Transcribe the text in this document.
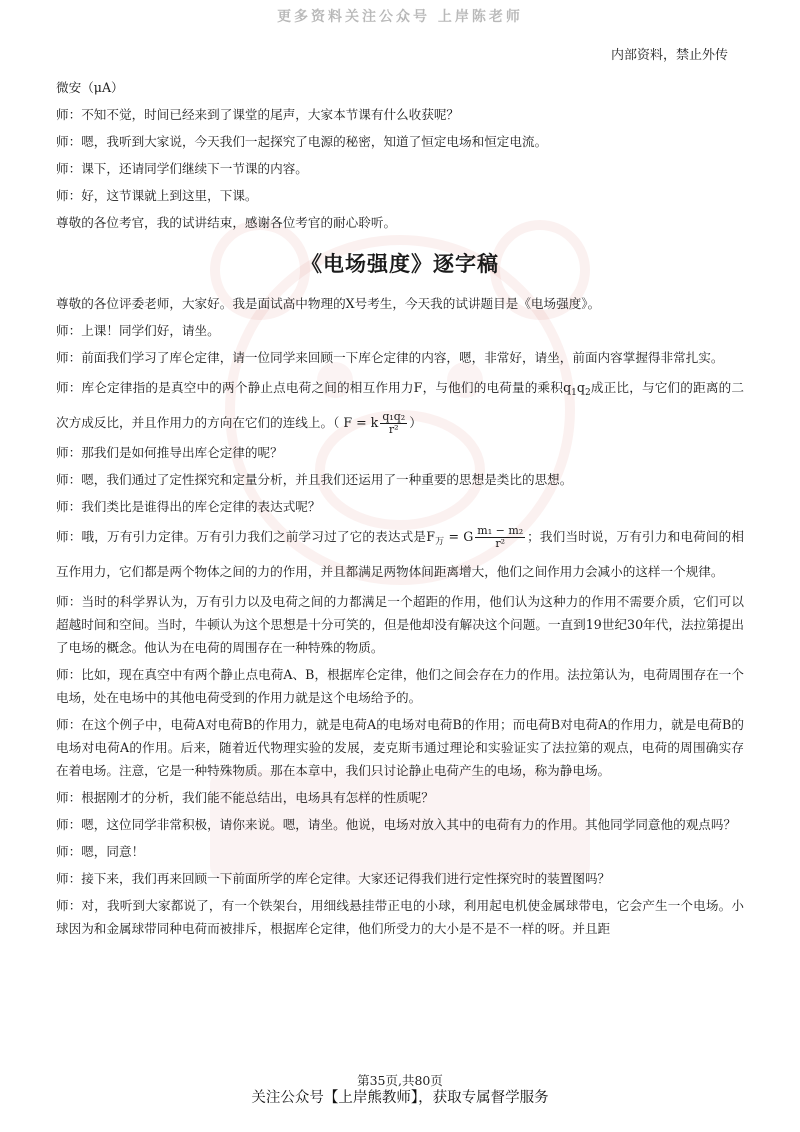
更多资料关注公众号 上岸陈老师
内部资料，禁止外传

微安（μA）

师：不知不觉，时间已经来到了课堂的尾声，大家本节课有什么收获呢？

师：嗯，我听到大家说，今天我们一起探究了电源的秘密，知道了恒定电场和恒定电流。

师：课下，还请同学们继续下一节课的内容。

师：好，这节课就上到这里，下课。

尊敬的各位考官，我的试讲结束，感谢各位考官的耐心聆听。

《电场强度》逐字稿

尊敬的各位评委老师，大家好。我是面试高中物理的X号考生，今天我的试讲题目是《电场强度》。

师：上课！同学们好，请坐。

师：前面我们学习了库仑定律，请一位同学来回顾一下库仑定律的内容，嗯，非常好，请坐，前面内容掌握得非常扎实。

师：库仑定律指的是真空中的两个静止点电荷之间的相互作用力F，与他们的电荷量的乘积$q_1q_2$成正比，与它们的距离的二次方成反比，并且作用力的方向在它们的连线上。（ F = k $\frac{\text{q₁q₂}}{\text{r²}}$ ）

师：那我们是如何推导出库仑定律的呢？

师：嗯，我们通过了定性探究和定量分析，并且我们还运用了一种重要的思想是类比的思想。

师：我们类比是谁得出的库仑定律的表达式呢？

师：哦，万有引力定律。万有引力我们之前学习过了它的表达式是$F_万 = G \frac{\text{m₁ − m₂}}{\text{r²}}$ ；我们当时说，万有引力和电荷间的相互作用力，它们都是两个物体之间的力的作用，并且都满足两物体间距离增大，他们之间作用力会减小的这样一个规律。

师：当时的科学界认为，万有引力以及电荷之间的力都满足一个超距的作用，他们认为这种力的作用不需要介质，它们可以超越时间和空间。当时，牛顿认为这个思想是十分可笑的，但是他却没有解决这个问题。一直到19世纪30年代，法拉第提出了电场的概念。他认为在电荷的周围存在一种特殊的物质。

师：比如，现在真空中有两个静止点电荷A、B，根据库仑定律，他们之间会存在力的作用。法拉第认为，电荷周围存在一个电场，处在电场中的其他电荷受到的作用力就是这个电场给予的。

师：在这个例子中，电荷A对电荷B的作用力，就是电荷A的电场对电荷B的作用；而电荷B对电荷A的作用力，就是电荷B的电场对电荷A的作用。后来，随着近代物理实验的发展，麦克斯韦通过理论和实验证实了法拉第的观点，电荷的周围确实存在着电场。注意，它是一种特殊物质。那在本章中，我们只讨论静止电荷产生的电场，称为静电场。

师：根据刚才的分析，我们能不能总结出，电场具有怎样的性质呢？

师：嗯，这位同学非常积极，请你来说。嗯，请坐。他说，电场对放入其中的电荷有力的作用。其他同学同意他的观点吗？

师：嗯，同意！

师：接下来，我们再来回顾一下前面所学的库仑定律。大家还记得我们进行定性探究时的装置图吗？

师：对，我听到大家都说了，有一个铁架台，用细线悬挂带正电的小球，利用起电机使金属球带电，它会产生一个电场。小球因为和金属球带同种电荷而被排斥，根据库仑定律，他们所受力的大小是不是不一样的呀。并且距

第35页,共80页
关注公众号【上岸熊教师】，获取专属督学服务
